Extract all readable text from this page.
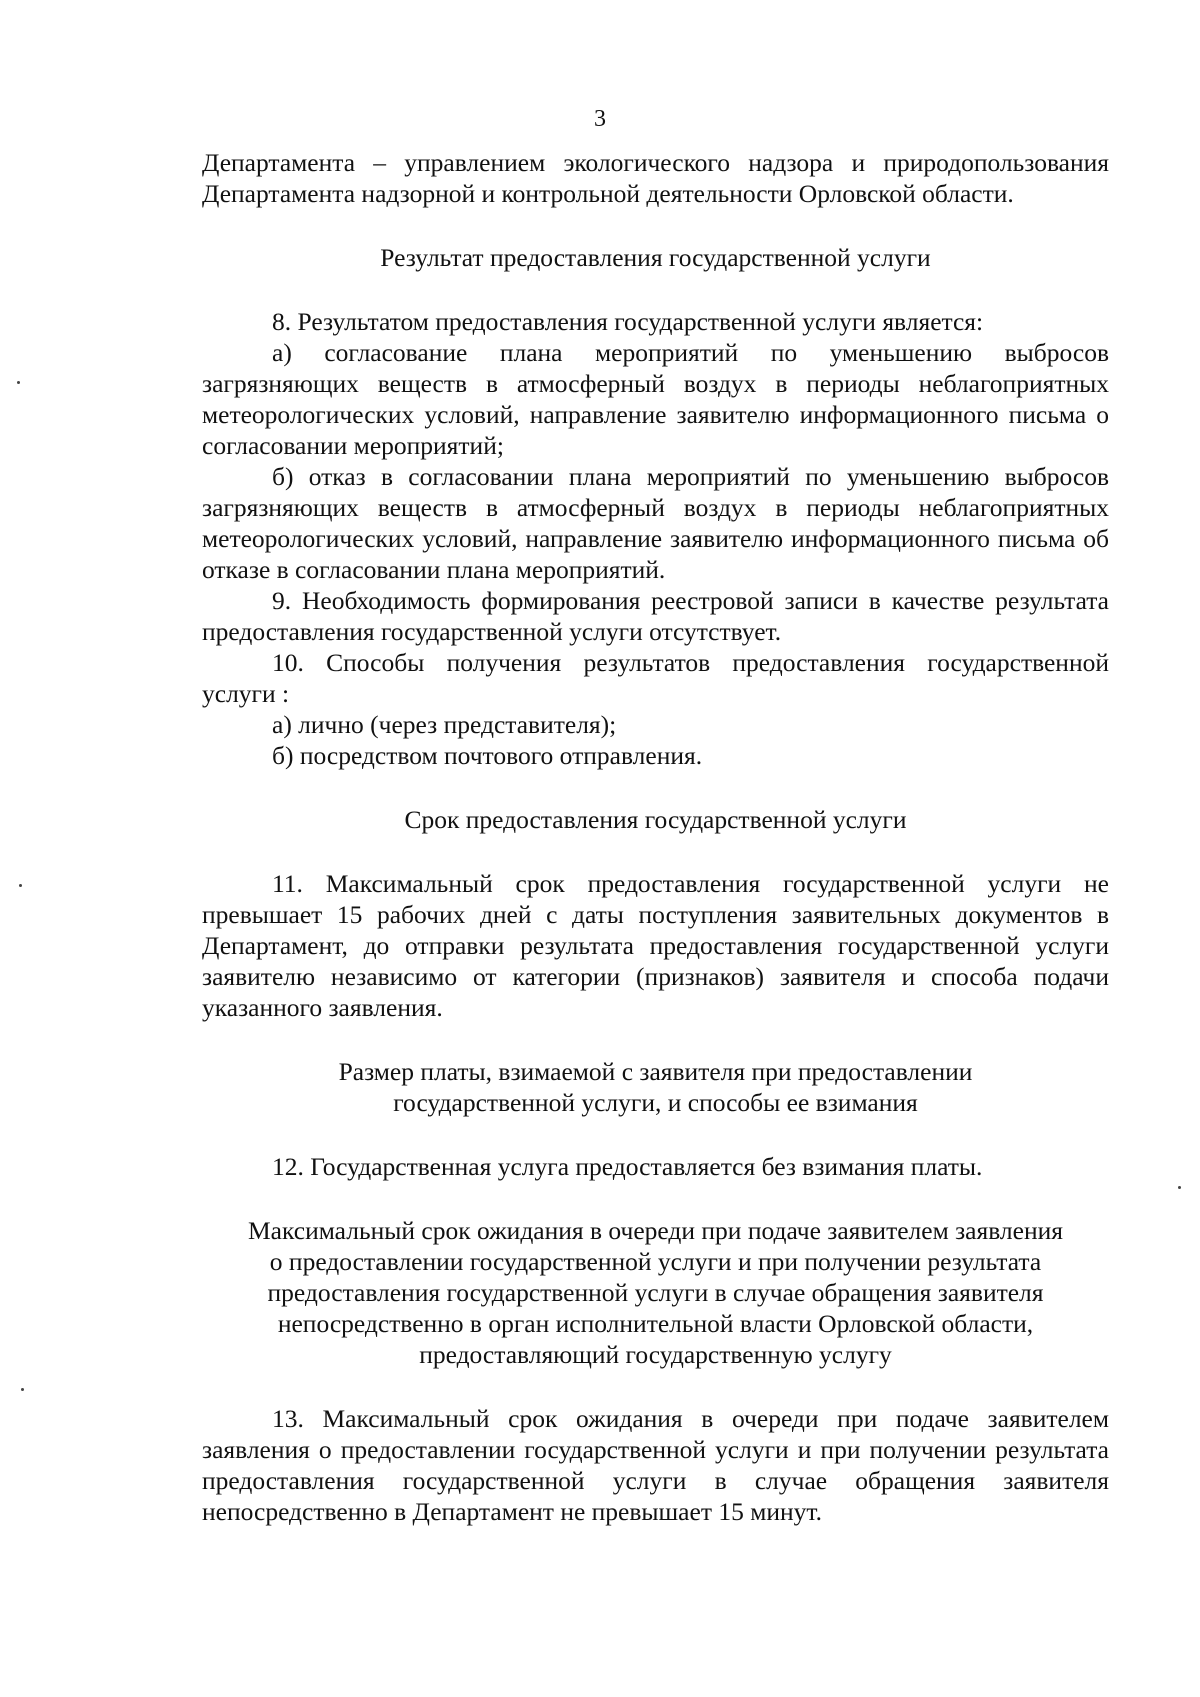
3

Департамента – управлением экологического надзора и природопользования Департамента надзорной и контрольной деятельности Орловской области.

Результат предоставления государственной услуги

8. Результатом предоставления государственной услуги является:

а) согласование плана мероприятий по уменьшению выбросов загрязняющих веществ в атмосферный воздух в периоды неблагоприятных метеорологических условий, направление заявителю информационного письма о согласовании мероприятий;

б) отказ в согласовании плана мероприятий по уменьшению выбросов загрязняющих веществ в атмосферный воздух в периоды неблагоприятных метеорологических условий, направление заявителю информационного письма об отказе в согласовании плана мероприятий.

9. Необходимость формирования реестровой записи в качестве результата предоставления государственной услуги отсутствует.

10. Способы получения результатов предоставления государственной услуги :

а) лично (через представителя);

б) посредством почтового отправления.

Срок предоставления государственной услуги

11. Максимальный срок предоставления государственной услуги не превышает 15 рабочих дней с даты поступления заявительных документов в Департамент, до отправки результата предоставления государственной услуги заявителю независимо от категории (признаков) заявителя и способа подачи указанного заявления.

Размер платы, взимаемой с заявителя при предоставлении

государственной услуги, и способы ее взимания

12. Государственная услуга предоставляется без взимания платы.

Максимальный срок ожидания в очереди при подаче заявителем заявления

о предоставлении государственной услуги и при получении результата

предоставления государственной услуги в случае обращения заявителя

непосредственно в орган исполнительной власти Орловской области,

предоставляющий государственную услугу

13. Максимальный срок ожидания в очереди при подаче заявителем заявления о предоставлении государственной услуги и при получении результата предоставления государственной услуги в случае обращения заявителя непосредственно в Департамент не превышает 15 минут.
